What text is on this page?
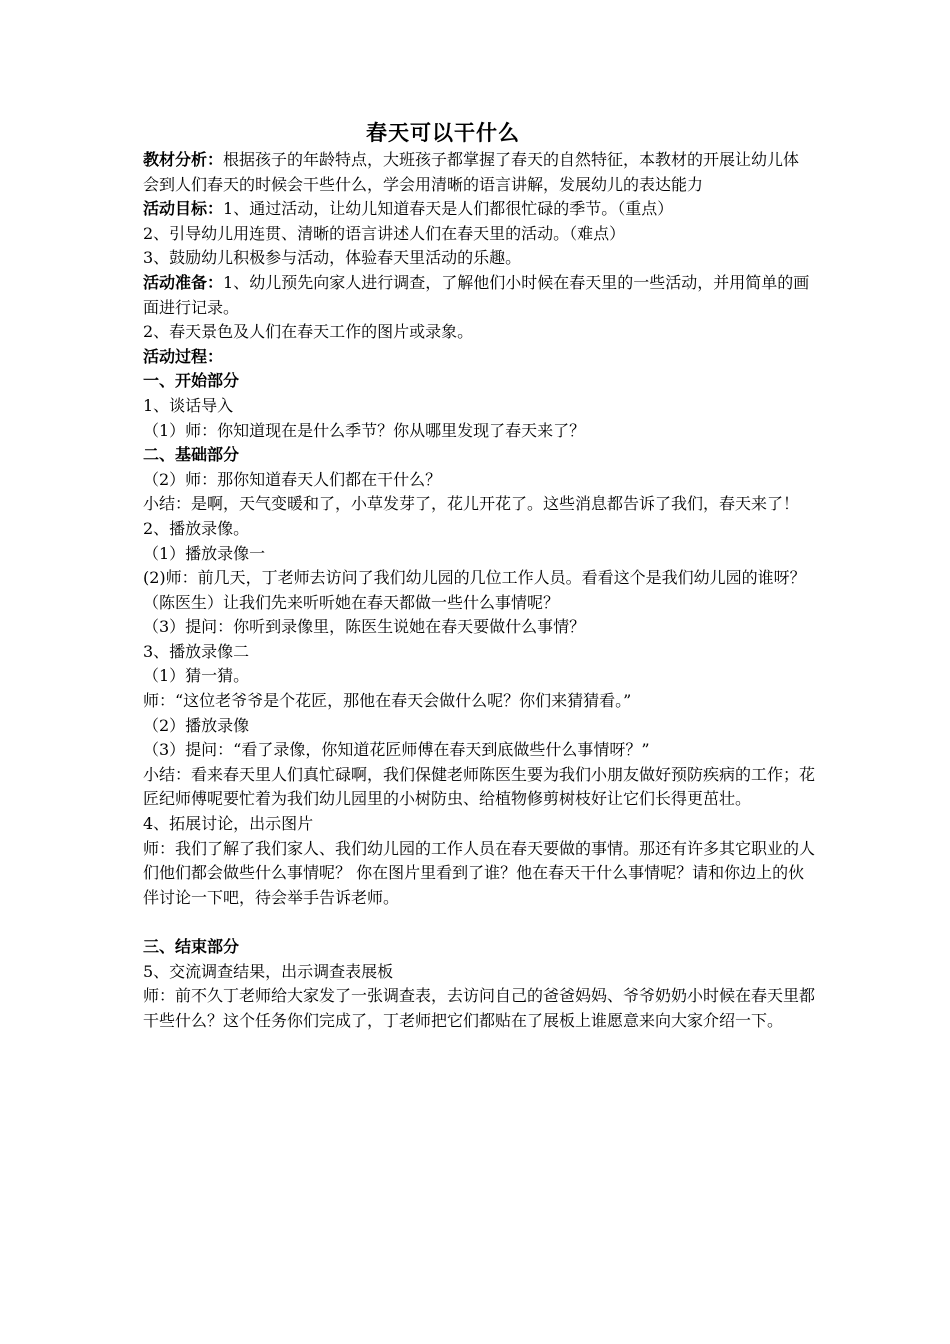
春天可以干什么

教材分析：根据孩子的年龄特点，大班孩子都掌握了春天的自然特征，本教材的开展让幼儿体会到人们春天的时候会干些什么，学会用清晰的语言讲解，发展幼儿的表达能力

活动目标：1、通过活动，让幼儿知道春天是人们都很忙碌的季节。（重点）

2、引导幼儿用连贯、清晰的语言讲述人们在春天里的活动。（难点）

3、鼓励幼儿积极参与活动，体验春天里活动的乐趣。

活动准备：1、幼儿预先向家人进行调查，了解他们小时候在春天里的一些活动，并用简单的画面进行记录。

2、春天景色及人们在春天工作的图片或录象。

活动过程：

一、开始部分

1、谈话导入

（1）师：你知道现在是什么季节？你从哪里发现了春天来了？

二、基础部分

（2）师：那你知道春天人们都在干什么？

小结：是啊，天气变暖和了，小草发芽了，花儿开花了。这些消息都告诉了我们，春天来了！

2、播放录像。

（1）播放录像一

(2)师：前几天，丁老师去访问了我们幼儿园的几位工作人员。看看这个是我们幼儿园的谁呀？（陈医生）让我们先来听听她在春天都做一些什么事情呢？

（3）提问：你听到录像里，陈医生说她在春天要做什么事情？

3、播放录像二

（1）猜一猜。

师：“这位老爷爷是个花匠，那他在春天会做什么呢？你们来猜猜看。”

（2）播放录像

（3）提问：“看了录像，你知道花匠师傅在春天到底做些什么事情呀？”

小结：看来春天里人们真忙碌啊，我们保健老师陈医生要为我们小朋友做好预防疾病的工作；花匠纪师傅呢要忙着为我们幼儿园里的小树防虫、给植物修剪树枝好让它们长得更茁壮。

4、拓展讨论，出示图片

师：我们了解了我们家人、我们幼儿园的工作人员在春天要做的事情。那还有许多其它职业的人们他们都会做些什么事情呢？ 你在图片里看到了谁？他在春天干什么事情呢？请和你边上的伙伴讨论一下吧，待会举手告诉老师。

三、结束部分

5、交流调查结果，出示调查表展板

师：前不久丁老师给大家发了一张调查表，去访问自己的爸爸妈妈、爷爷奶奶小时候在春天里都干些什么？这个任务你们完成了，丁老师把它们都贴在了展板上谁愿意来向大家介绍一下。
